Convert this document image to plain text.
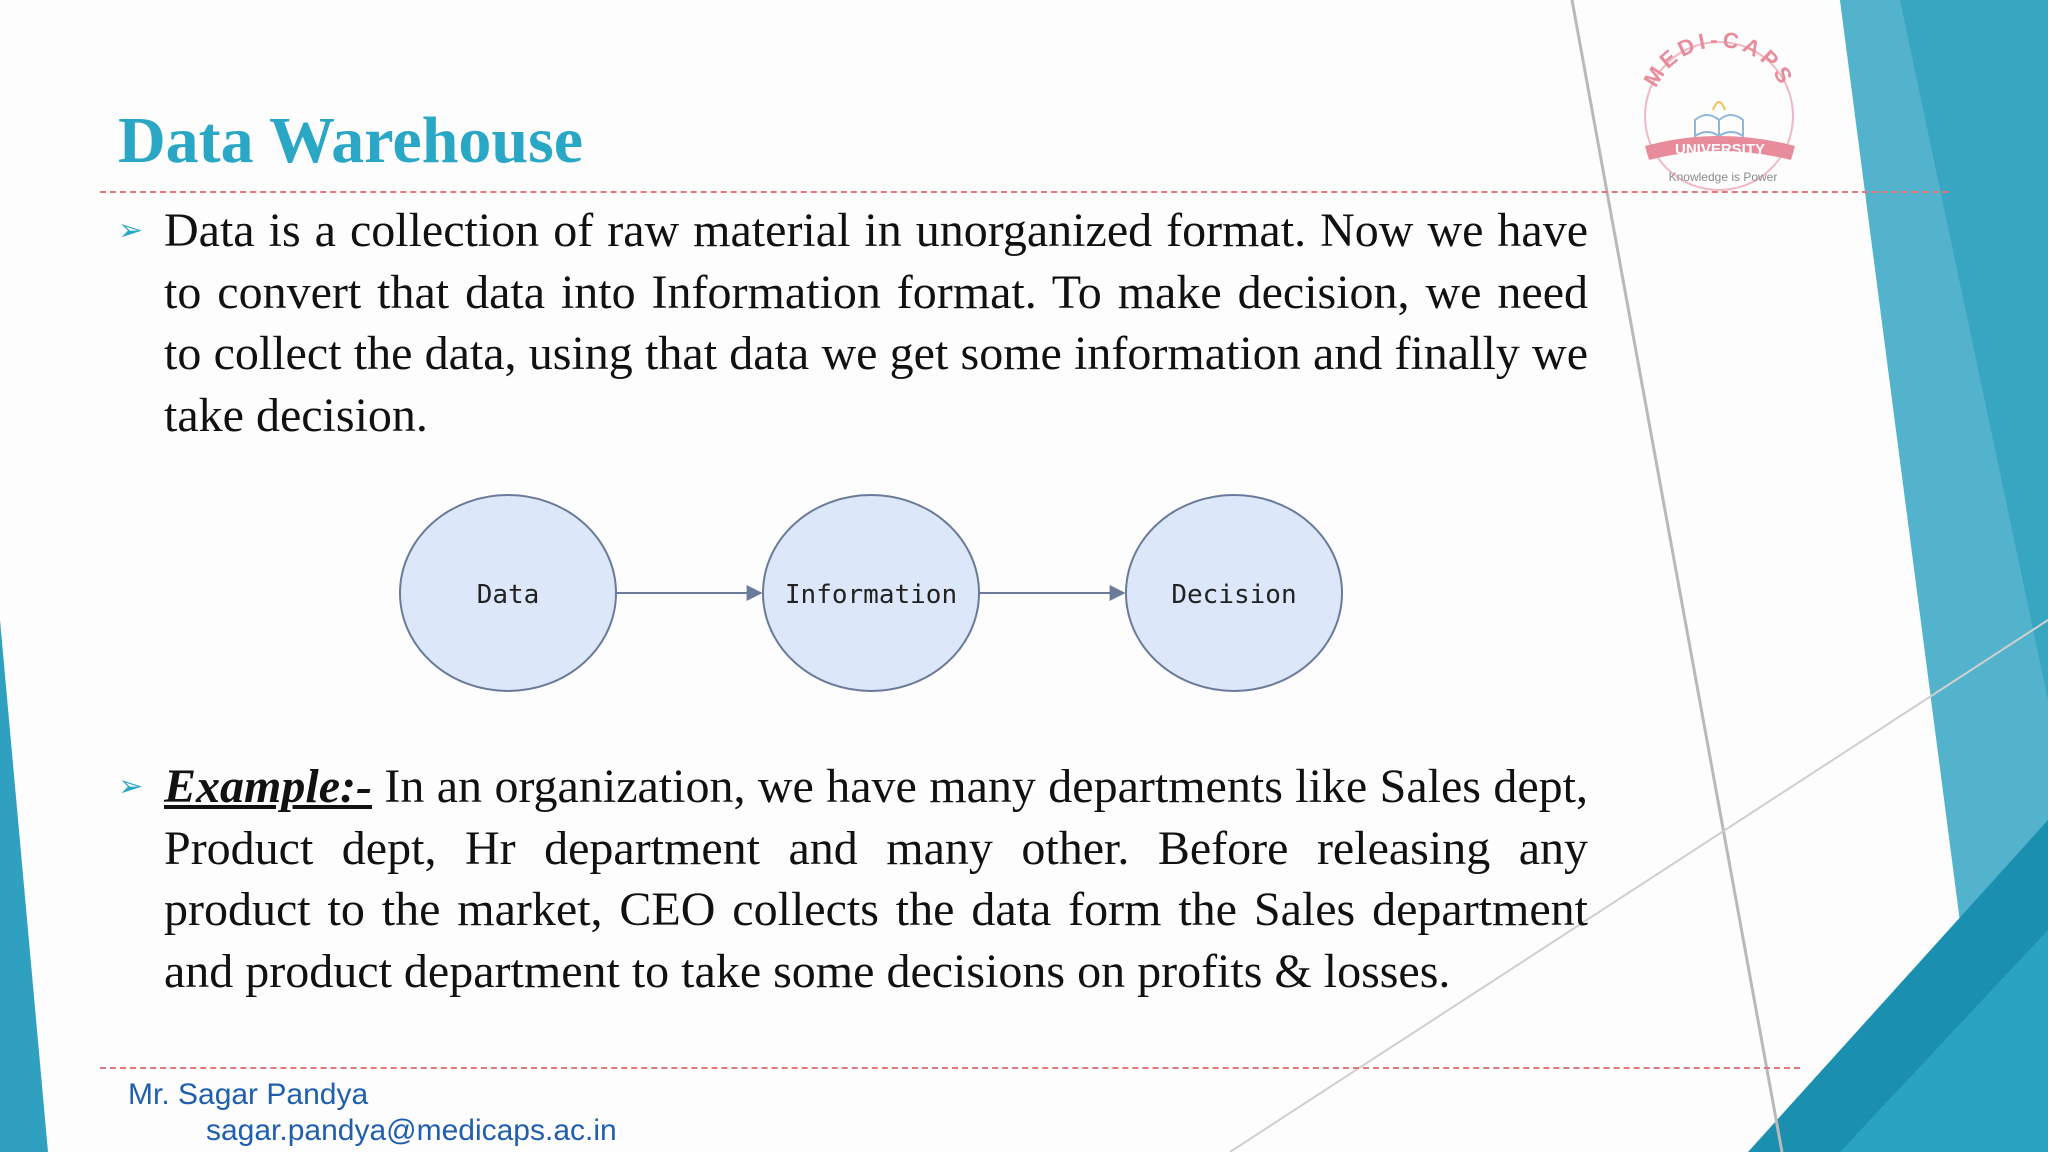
Data Warehouse
➢ Data is a collection of raw material in unorganized format. Now we have to convert that data into Information format. To make decision, we need to collect the data, using that data we get some information and finally we take decision.
Data	Information	Decision
➢ Example:- In an organization, we have many departments like Sales dept, Product dept, Hr department and many other. Before releasing any product to the market, CEO collects the data form the Sales department and product department to take some decisions on profits & losses.

Mr. Sagar Pandya

sagar.pandya@medicaps.ac.in

MEDI-CAPS
UNIVERSITY
Knowledge is Power
